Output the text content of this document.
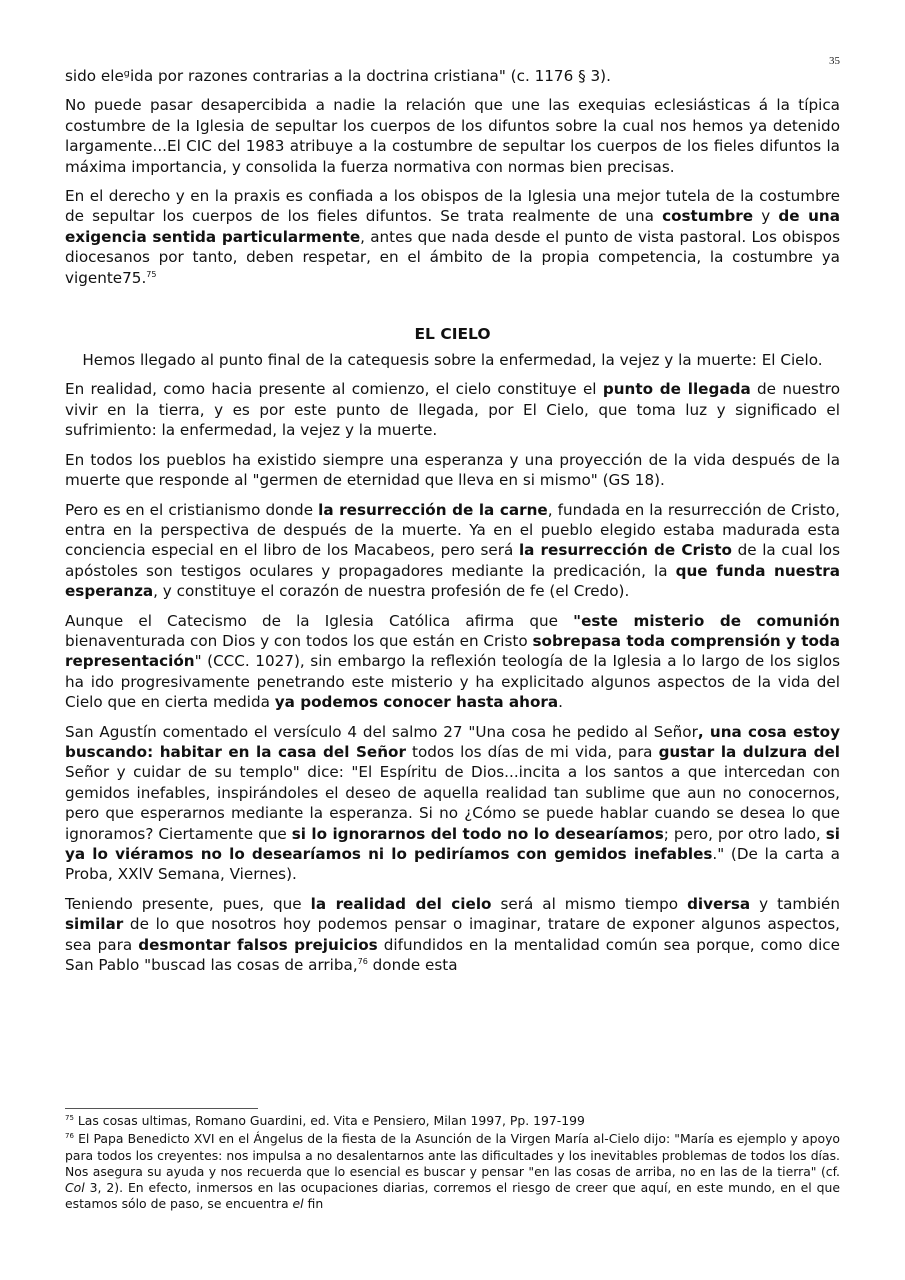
35

sido eleᵍida por razones contrarias a la doctrina cristiana" (c. 1176 § 3).

No puede pasar desapercibida a nadie la relación que une las exequias eclesiásticas á la típica costumbre de la Iglesia de sepultar los cuerpos de los difuntos sobre la cual nos hemos ya detenido largamente...El CIC del 1983 atribuye a la costumbre de sepultar los cuerpos de los fieles difuntos la máxima importancia, y consolida la fuerza normativa con normas bien precisas.

En el derecho y en la praxis es confiada a los obispos de la Iglesia una mejor tutela de la costumbre de sepultar los cuerpos de los fieles difuntos. Se trata realmente de una costumbre y de una exigencia sentida particularmente, antes que nada desde el punto de vista pastoral. Los obispos diocesanos por tanto, deben respetar, en el ámbito de la propia competencia, la costumbre ya vigente75.75

EL CIELO

Hemos llegado al punto final de la catequesis sobre la enfermedad, la vejez y la muerte: El Cielo.

En realidad, como hacia presente al comienzo, el cielo constituye el punto de llegada de nuestro vivir en la tierra, y es por este punto de llegada, por El Cielo, que toma luz y significado el sufrimiento: la enfermedad, la vejez y la muerte.

En todos los pueblos ha existido siempre una esperanza y una proyección de la vida después de la muerte que responde al "germen de eternidad que lleva en si mismo" (GS 18).

Pero es en el cristianismo donde la resurrección de la carne, fundada en la resurrección de Cristo, entra en la perspectiva de después de la muerte. Ya en el pueblo elegido estaba madurada esta conciencia especial en el libro de los Macabeos, pero será la resurrección de Cristo de la cual los apóstoles son testigos oculares y propagadores mediante la predicación, la que funda nuestra esperanza, y constituye el corazón de nuestra profesión de fe (el Credo).

Aunque el Catecismo de la Iglesia Católica afirma que "este misterio de comunión bienaventurada con Dios y con todos los que están en Cristo sobrepasa toda comprensión y toda representación" (CCC. 1027), sin embargo la reflexión teología de la Iglesia a lo largo de los siglos ha ido progresivamente penetrando este misterio y ha explicitado algunos aspectos de la vida del Cielo que en cierta medida ya podemos conocer hasta ahora.

San Agustín comentado el versículo 4 del salmo 27 "Una cosa he pedido al Señor, una cosa estoy buscando: habitar en la casa del Señor todos los días de mi vida, para gustar la dulzura del Señor y cuidar de su templo" dice: "El Espíritu de Dios...incita a los santos a que intercedan con gemidos inefables, inspirándoles el deseo de aquella realidad tan sublime que aun no conocernos, pero que esperarnos mediante la esperanza. Si no ¿Cómo se puede hablar cuando se desea lo que ignoramos? Ciertamente que si lo ignorarnos del todo no lo desearíamos; pero, por otro lado, si ya lo viéramos no lo desearíamos ni lo pediríamos con gemidos inefables." (De la carta a Proba, XXlV Semana, Viernes).

Teniendo presente, pues, que la realidad del cielo será al mismo tiempo diversa y también similar de lo que nosotros hoy podemos pensar o imaginar, tratare de exponer algunos aspectos, sea para desmontar falsos prejuicios difundidos en la mentalidad común sea porque, como dice San Pablo "buscad las cosas de arriba,$^{76}$ donde esta

$^{75}$ Las cosas ultimas, Romano Guardini, ed. Vita e Pensiero, Milan 1997, Pp. 197-199

$^{76}$ El Papa Benedicto XVI en el Ángelus de la fiesta de la Asunción de la Virgen María al-Cielo dijo: "María es ejemplo y apoyo para todos los creyentes: nos impulsa a no desalentarnos ante las dificultades y los inevitables problemas de todos los días. Nos asegura su ayuda y nos recuerda que lo esencial es buscar y pensar "en las cosas de arriba, no en las de la tierra" (cf. Col 3, 2). En efecto, inmersos en las ocupaciones diarias, corremos el riesgo de creer que aquí, en este mundo, en el que estamos sólo de paso, se encuentra el fin
